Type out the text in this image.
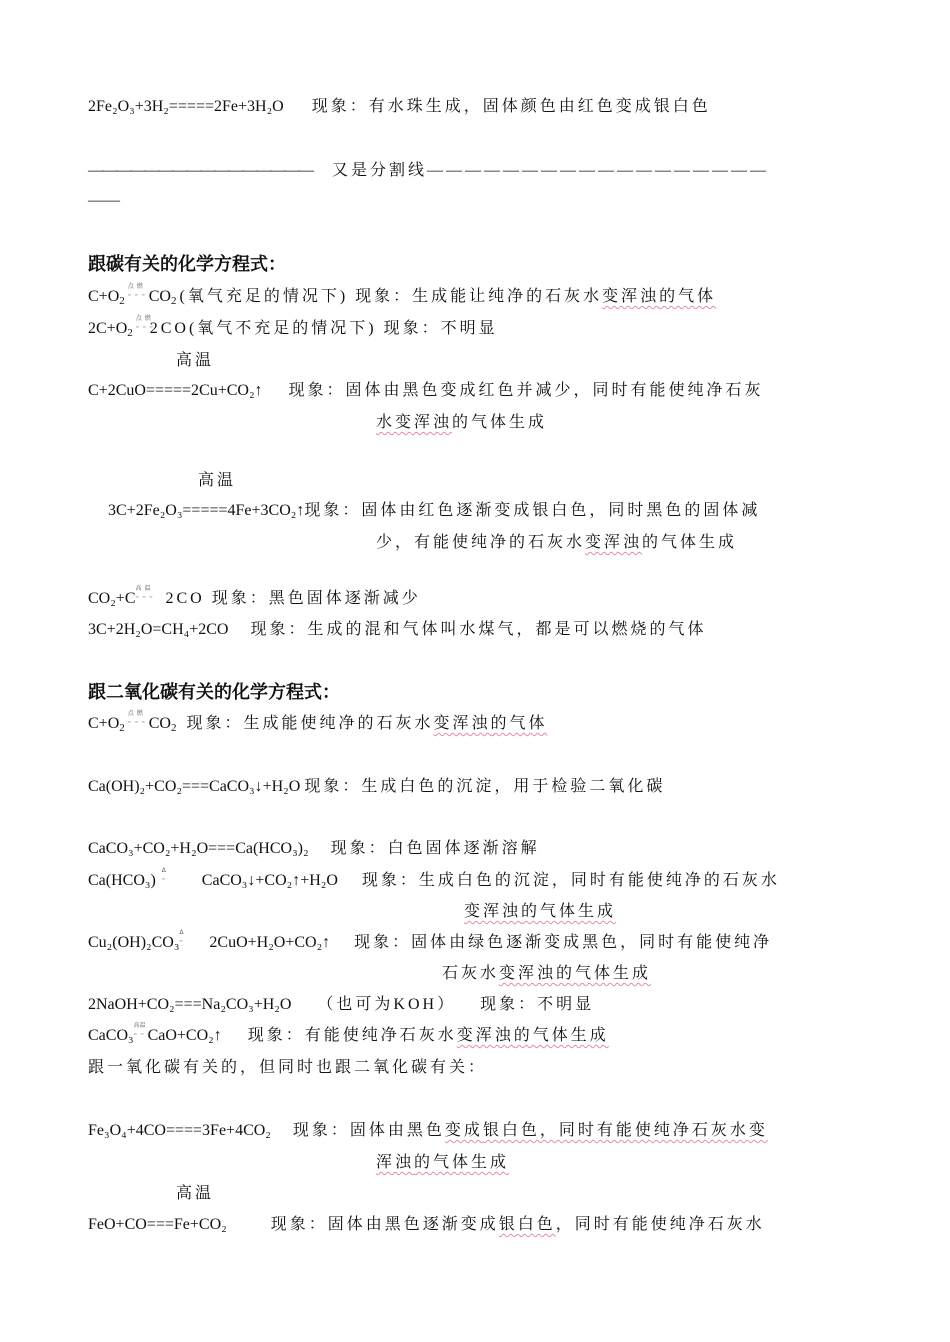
2Fe₂O₃+3H₂=====2Fe+3H₂O 现象：有水珠生成，固体颜色由红色变成银白色
———————————————— 又是分割线——————————————————
——
跟碳有关的化学方程式：
$C+O_2$
点燃
= = = $CO_2$(氧气充足的情况下) 现象：生成能让纯净的石灰水变浑浊的气体
$2C+O_2$
点燃
= = =
2CO(氧气不充足的情况下) 现象：不明显
高温
C+2CuO=====2Cu+CO₂↑ 现象：固体由黑色变成红色并减少，同时有能使纯净石灰
水变浑浊的气体生成
高温
3C+2Fe₂O₃=====4Fe+3CO₂↑现象：固体由红色逐渐变成银白色，同时黑色的固体减
少，有能使纯净的石灰水变浑浊的气体生成
CO₂+C
高温
= = = 2CO 现象：黑色固体逐渐减少
3C+2H₂O=CH₄+2CO 现象：生成的混和气体叫水煤气，都是可以燃烧的气体
跟二氧化碳有关的化学方程式：
$C+O_2$
点燃
= = = $CO_2$ 现象：生成能使纯净的石灰水变浑浊的气体
Ca(OH)₂+CO₂===CaCO₃↓+H₂O 现象：生成白色的沉淀，用于检验二氧化碳
CaCO₃+CO₂+H₂O===Ca(HCO₃)₂ 现象：白色固体逐渐溶解
Ca(HCO₃)
Δ
= CaCO₃↓+CO₂↑+H₂O 现象：生成白色的沉淀，同时有能使纯净的石灰水
变浑浊的气体生成
Cu₂(OH)₂CO₃
Δ
= 2CuO+H₂O+CO₂↑ 现象：固体由绿色逐渐变成黑色，同时有能使纯净
石灰水变浑浊的气体生成
2NaOH+CO₂===Na₂CO₃+H₂O （也可为KOH） 现象：不明显
CaCO₃
高温
= = =
CaO+CO₂↑ 现象：有能使纯净石灰水变浑浊的气体生成
跟一氧化碳有关的，但同时也跟二氧化碳有关：
Fe₃O₄+4CO====3Fe+4CO₂ 现象：固体由黑色变成银白色，同时有能使纯净石灰水变
浑浊的气体生成
高温
FeO+CO===Fe+CO₂	现象：固体由黑色逐渐变成银白色，同时有能使纯净石灰水
